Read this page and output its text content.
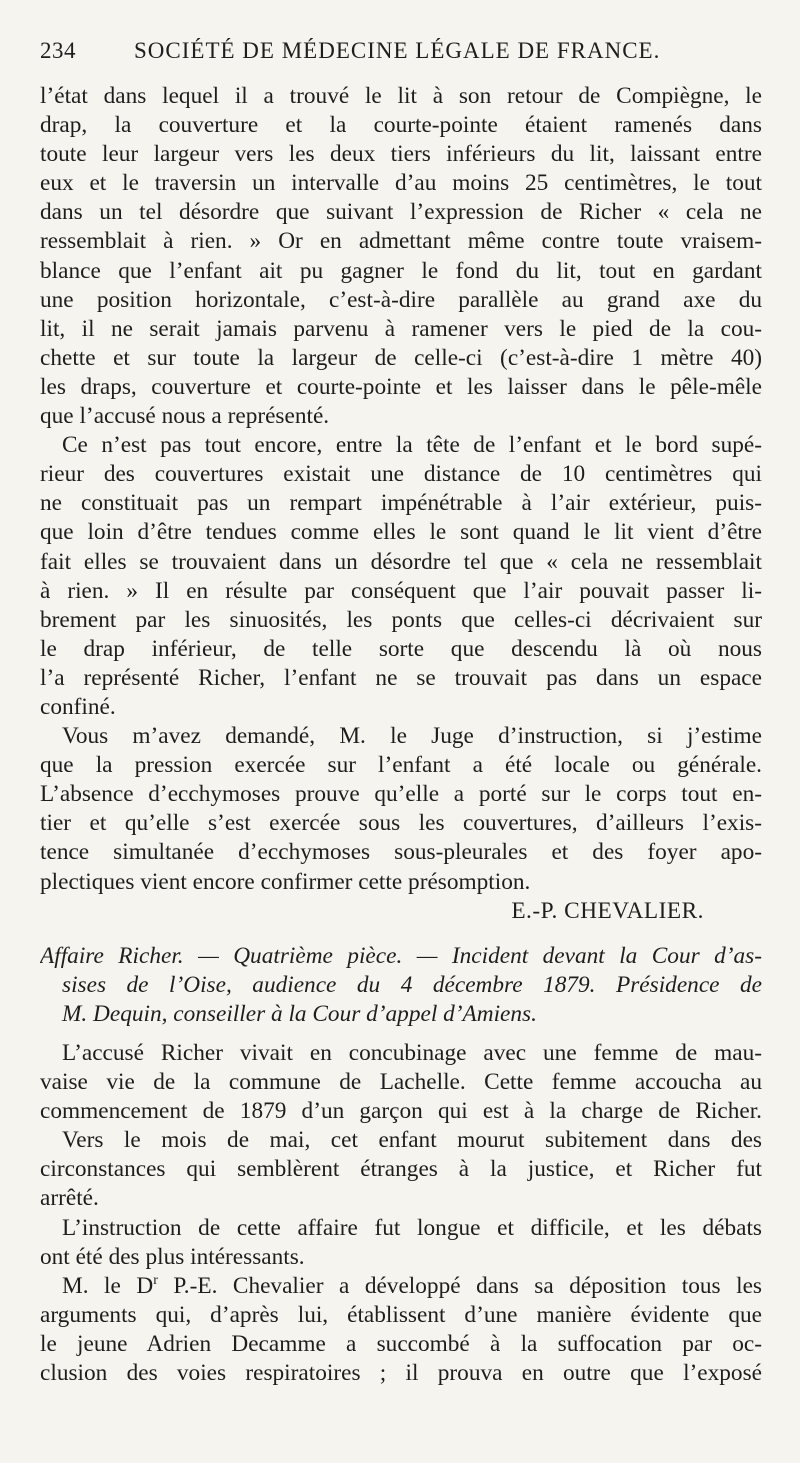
234	SOCIÉTÉ DE MÉDECINE LÉGALE DE FRANCE.
l’état dans lequel il a trouvé le lit à son retour de Compiègne, le
drap, la couverture et la courte-pointe étaient ramenés dans
toute leur largeur vers les deux tiers inférieurs du lit, laissant entre
eux et le traversin un intervalle d’au moins 25 centimètres, le tout
dans un tel désordre que suivant l’expression de Richer « cela ne
ressemblait à rien. » Or en admettant même contre toute vraisem-
blance que l’enfant ait pu gagner le fond du lit, tout en gardant
une position horizontale, c’est-à-dire parallèle au grand axe du
lit, il ne serait jamais parvenu à ramener vers le pied de la cou-
chette et sur toute la largeur de celle-ci (c’est-à-dire 1 mètre 40)
les draps, couverture et courte-pointe et les laisser dans le pêle-mêle
que l’accusé nous a représenté.
Ce n’est pas tout encore, entre la tête de l’enfant et le bord supé-
rieur des couvertures existait une distance de 10 centimètres qui
ne constituait pas un rempart impénétrable à l’air extérieur, puis-
que loin d’être tendues comme elles le sont quand le lit vient d’être
fait elles se trouvaient dans un désordre tel que « cela ne ressemblait
à rien. » Il en résulte par conséquent que l’air pouvait passer li-
brement par les sinuosités, les ponts que celles-ci décrivaient sur
le drap inférieur, de telle sorte que descendu là où nous
l’a représenté Richer, l’enfant ne se trouvait pas dans un espace
confiné.
Vous m’avez demandé, M. le Juge d’instruction, si j’estime
que la pression exercée sur l’enfant a été locale ou générale.
L’absence d’ecchymoses prouve qu’elle a porté sur le corps tout en-
tier et qu’elle s’est exercée sous les couvertures, d’ailleurs l’exis-
tence simultanée d’ecchymoses sous-pleurales et des foyer apo-
plectiques vient encore confirmer cette présomption.
E.-P. CHEVALIER.
Affaire Richer. — Quatrième pièce. — Incident devant la Cour d’as-
sises de l’Oise, audience du 4 décembre 1879. Présidence de
M. Dequin, conseiller à la Cour d’appel d’Amiens.
L’accusé Richer vivait en concubinage avec une femme de mau-
vaise vie de la commune de Lachelle. Cette femme accoucha au
commencement de 1879 d’un garçon qui est à la charge de Richer.
Vers le mois de mai, cet enfant mourut subitement dans des
circonstances qui semblèrent étranges à la justice, et Richer fut
arrêté.
L’instruction de cette affaire fut longue et difficile, et les débats
ont été des plus intéressants.
M. le $D^r$ P.-E. Chevalier a développé dans sa déposition tous les
arguments qui, d’après lui, établissent d’une manière évidente que
le jeune Adrien Decamme a succombé à la suffocation par oc-
clusion des voies respiratoires ; il prouva en outre que l’exposé
